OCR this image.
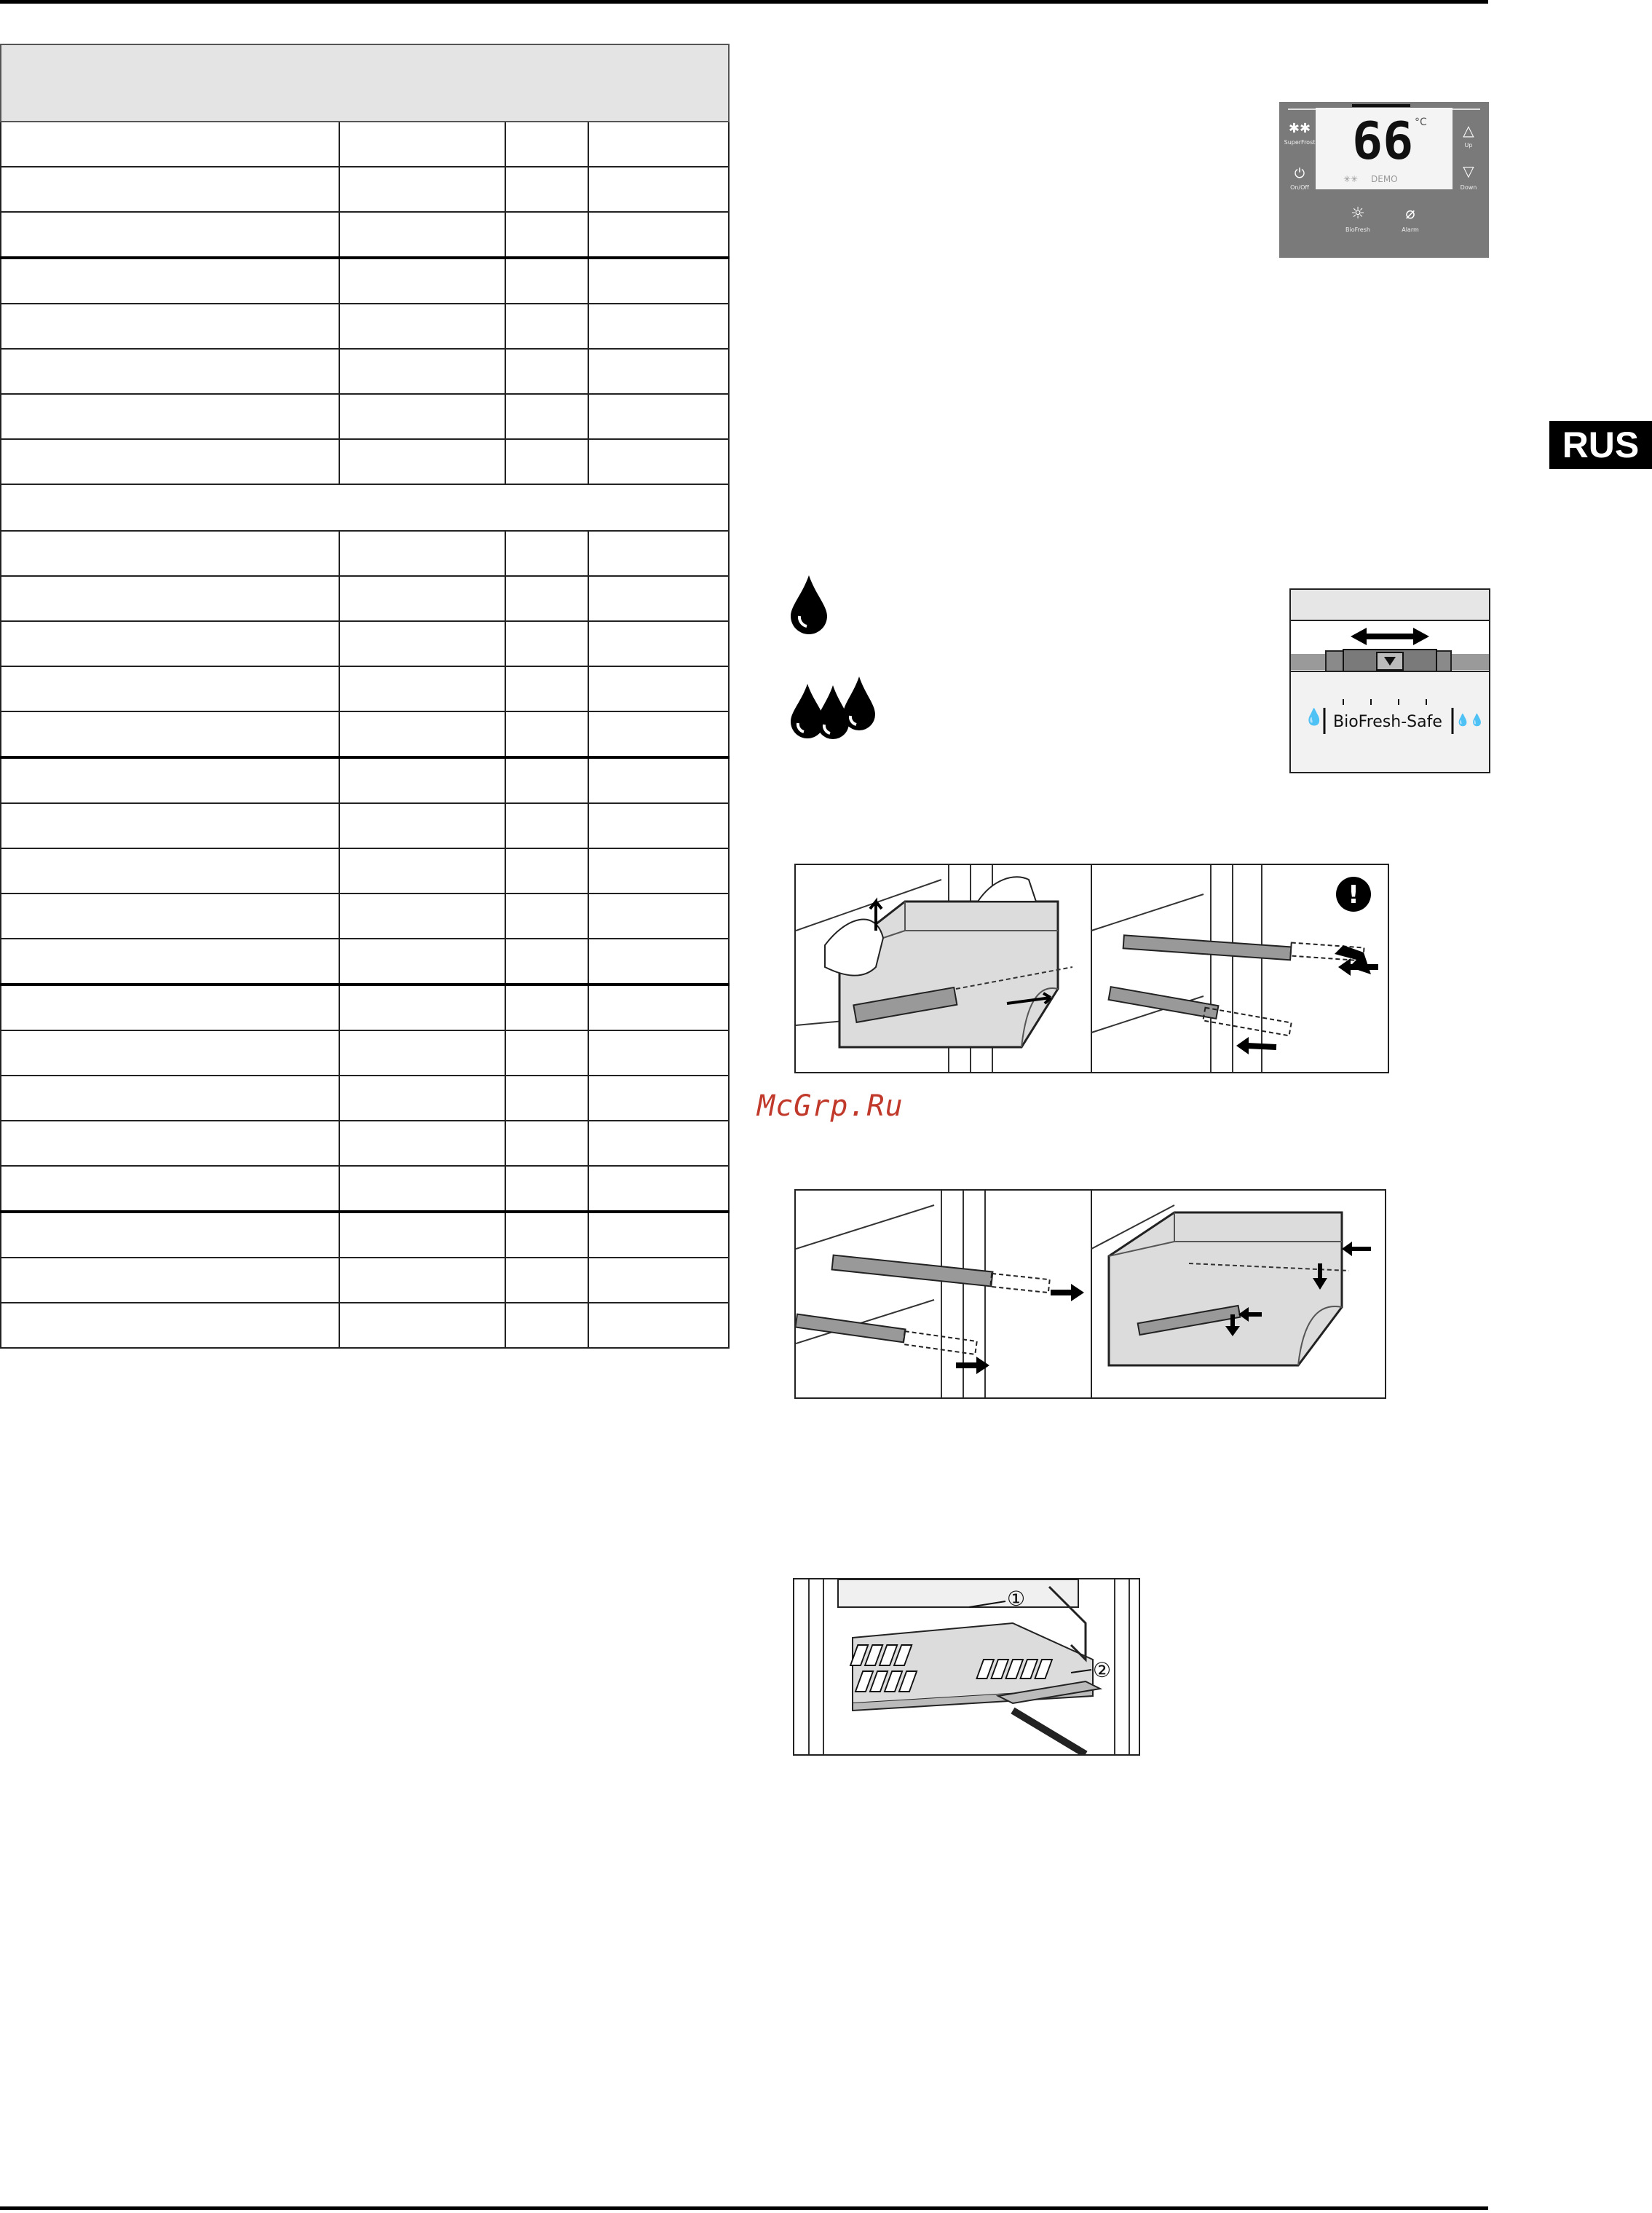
66 °C
✳✳ DEMO
✱✱
SuperFrost
⏻
On/Off
△
Up
▽
Down
☼
BioFresh
⌀
Alarm
RUS
💧 BioFresh-Safe 💧💧
!
McGrp.Ru
①
②
